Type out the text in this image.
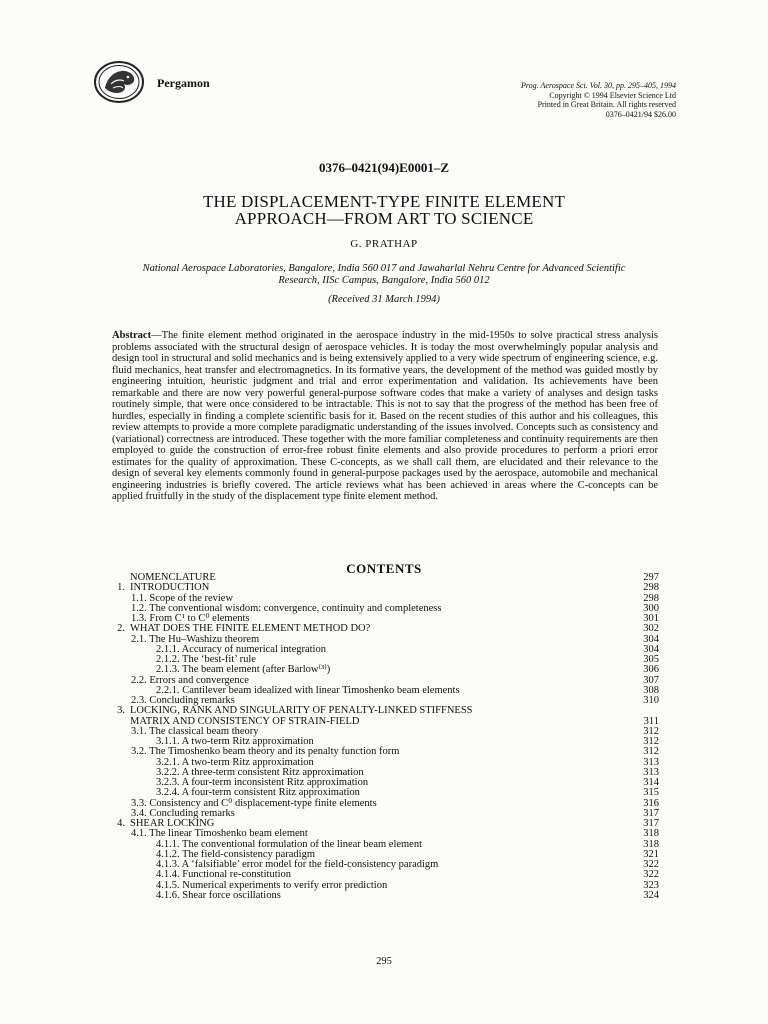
Pergamon	Prog. Aerospace Sci. Vol. 30, pp. 295–405, 1994
Copyright © 1994 Elsevier Science Ltd
Printed in Great Britain. All rights reserved
0376–0421/94 $26.00
0376–0421(94)E0001–Z
THE DISPLACEMENT-TYPE FINITE ELEMENT
APPROACH—FROM ART TO SCIENCE
G. PRATHAP
National Aerospace Laboratories, Bangalore, India 560 017 and Jawaharlal Nehru Centre for Advanced Scientific
Research, IISc Campus, Bangalore, India 560 012
(Received 31 March 1994)
Abstract—The finite element method originated in the aerospace industry in the mid-1950s to solve practical stress analysis problems associated with the structural design of aerospace vehicles. It is today the most overwhelmingly popular analysis and design tool in structural and solid mechanics and is being extensively applied to a very wide spectrum of engineering science, e.g. fluid mechanics, heat transfer and electromagnetics. In its formative years, the development of the method was guided mostly by engineering intuition, heuristic judgment and trial and error experimentation and validation. Its achievements have been remarkable and there are now very powerful general-purpose software codes that make a variety of analyses and design tasks routinely simple, that were once considered to be intractable. This is not to say that the progress of the method has been free of hurdles, especially in finding a complete scientific basis for it. Based on the recent studies of this author and his colleagues, this review attempts to provide a more complete paradigmatic understanding of the issues involved. Concepts such as consistency and (variational) correctness are introduced. These together with the more familiar completeness and continuity requirements are then employed to guide the construction of error-free robust finite elements and also provide procedures to perform a priori error estimates for the quality of approximation. These C-concepts, as we shall call them, are elucidated and their relevance to the design of several key elements commonly found in general-purpose packages used by the aerospace, automobile and mechanical engineering industries is briefly covered. The article reviews what has been achieved in areas where the C-concepts can be applied fruitfully in the study of the displacement type finite element method.
CONTENTS
NOMENCLATURE	297
1. INTRODUCTION	298
1.1. Scope of the review	298
1.2. The conventional wisdom: convergence, continuity and completeness	300
1.3. From C¹ to C⁰ elements	301
2. WHAT DOES THE FINITE ELEMENT METHOD DO?	302
2.1. The Hu–Washizu theorem	304
2.1.1. Accuracy of numerical integration	304
2.1.2. The ‘best-fit’ rule	305
2.1.3. The beam element (after Barlow⁽³⁾)	306
2.2. Errors and convergence	307
2.2.1. Cantilever beam idealized with linear Timoshenko beam elements	308
2.3. Concluding remarks	310
3. LOCKING, RANK AND SINGULARITY OF PENALTY-LINKED STIFFNESS
MATRIX AND CONSISTENCY OF STRAIN-FIELD	311
3.1. The classical beam theory	312
3.1.1. A two-term Ritz approximation	312
3.2. The Timoshenko beam theory and its penalty function form	312
3.2.1. A two-term Ritz approximation	313
3.2.2. A three-term consistent Ritz approximation	313
3.2.3. A four-term inconsistent Ritz approximation	314
3.2.4. A four-term consistent Ritz approximation	315
3.3. Consistency and C⁰ displacement-type finite elements	316
3.4. Concluding remarks	317
4. SHEAR LOCKING	317
4.1. The linear Timoshenko beam element	318
4.1.1. The conventional formulation of the linear beam element	318
4.1.2. The field-consistency paradigm	321
4.1.3. A ‘falsifiable’ error model for the field-consistency paradigm	322
4.1.4. Functional re-constitution	322
4.1.5. Numerical experiments to verify error prediction	323
4.1.6. Shear force oscillations	324
295
